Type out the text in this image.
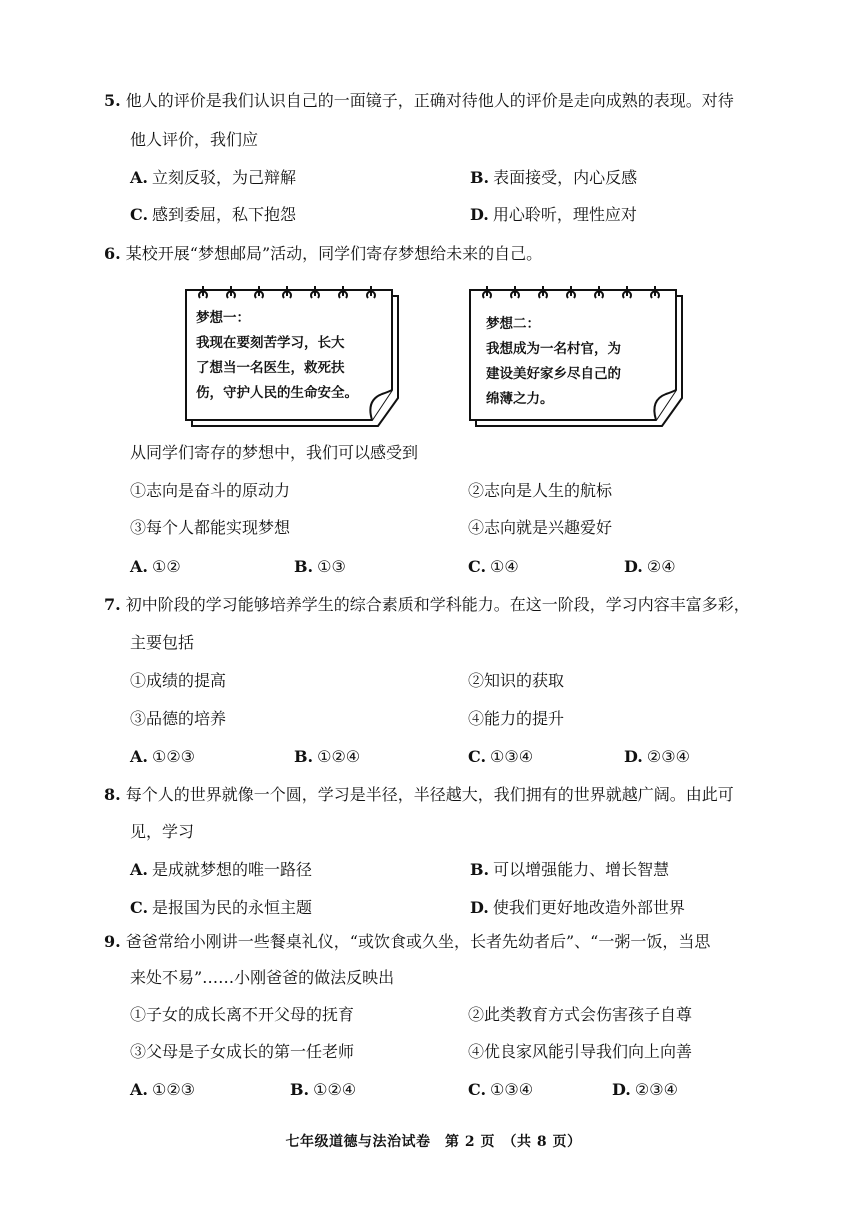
5. 他人的评价是我们认识自己的一面镜子，正确对待他人的评价是走向成熟的表现。对待
他人评价，我们应
A. 立刻反驳，为己辩解	B. 表面接受，内心反感
C. 感到委屈，私下抱怨	D. 用心聆听，理性应对
6. 某校开展“梦想邮局”活动，同学们寄存梦想给未来的自己。
梦想一：
我现在要刻苦学习，长大
了想当一名医生，救死扶
伤，守护人民的生命安全。
梦想二：
我想成为一名村官，为
建设美好家乡尽自己的
绵薄之力。
从同学们寄存的梦想中，我们可以感受到
①志向是奋斗的原动力	②志向是人生的航标
③每个人都能实现梦想	④志向就是兴趣爱好
A. ①②	B. ①③	C. ①④	D. ②④
7. 初中阶段的学习能够培养学生的综合素质和学科能力。在这一阶段，学习内容丰富多彩，
主要包括
①成绩的提高	②知识的获取
③品德的培养	④能力的提升
A. ①②③	B. ①②④	C. ①③④	D. ②③④
8. 每个人的世界就像一个圆，学习是半径，半径越大，我们拥有的世界就越广阔。由此可
见，学习
A. 是成就梦想的唯一路径	B. 可以增强能力、增长智慧
C. 是报国为民的永恒主题	D. 使我们更好地改造外部世界
9. 爸爸常给小刚讲一些餐桌礼仪，“或饮食或久坐，长者先幼者后”、“一粥一饭，当思
来处不易”……小刚爸爸的做法反映出
①子女的成长离不开父母的抚育	②此类教育方式会伤害孩子自尊
③父母是子女成长的第一任老师	④优良家风能引导我们向上向善
A. ①②③	B. ①②④	C. ①③④	D. ②③④
七年级道德与法治试卷　第 2 页　（共 8 页）
